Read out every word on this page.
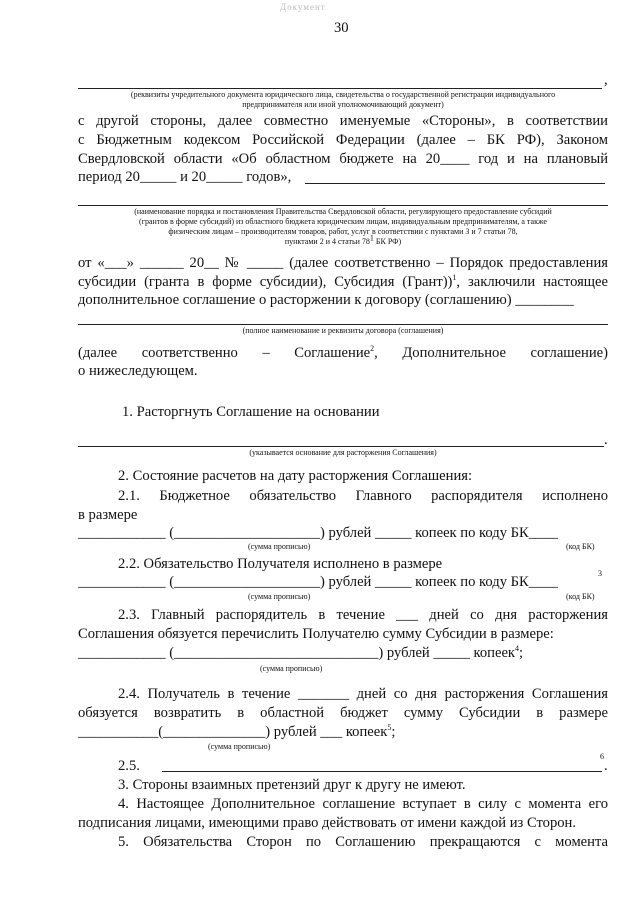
Документ
30
,
(реквизиты учредительного документа юридического лица, свидетельства о государственной регистрации индивидуального
предпринимателя или иной уполномочивающий документ)
с другой стороны, далее совместно именуемые «Стороны», в соответствии
с Бюджетным кодексом Российской Федерации (далее – БК РФ), Законом
Свердловской области «Об областном бюджете на 20____ год и на плановый
период 20_____ и 20_____ годов»,
(наименование порядка и постановления Правительства Свердловской области, регулирующего предоставление субсидий
(грантов в форме субсидий) из областного бюджета юридическим лицам, индивидуальным предпринимателям, а также
физическим лицам – производителям товаров, работ, услуг в соответствии с пунктами 3 и 7 статьи 78,
пунктами 2 и 4 статьи $78^1$ БК РФ)
от «___» ______ 20__ № _____ (далее соответственно – Порядок предоставления
субсидии (гранта в форме субсидии), Субсидия (Грант))$^1$, заключили настоящее
дополнительное соглашение о расторжении к договору (соглашению) ________
(полное наименование и реквизиты договора (соглашения)
(далее соответственно – Соглашение$^2$, Дополнительное соглашение)
о нижеследующем.
1. Расторгнуть Соглашение на основании
.
(указывается основание для расторжения Соглашения)
2. Состояние расчетов на дату расторжения Соглашения:
2.1. Бюджетное обязательство Главного распорядителя исполнено
в размере
____________ (____________________) рублей _____ копеек по коду БК____
(сумма прописью)	(код БК)
2.2. Обязательство Получателя исполнено в размере
____________ (____________________) рублей _____ копеек по коду БК____
3
(сумма прописью)	(код БК)
2.3. Главный распорядитель в течение ___ дней со дня расторжения
Соглашения обязуется перечислить Получателю сумму Субсидии в размере:
____________ (____________________________) рублей _____ копеек$^4$;
(сумма прописью)
2.4. Получатель в течение _______ дней со дня расторжения Соглашения
обязуется возвратить в областной бюджет сумму Субсидии в размере
___________(______________) рублей ___ копеек$^5$;
(сумма прописью)
2.5.
6
.
3. Стороны взаимных претензий друг к другу не имеют.
4. Настоящее Дополнительное соглашение вступает в силу с момента его
подписания лицами, имеющими право действовать от имени каждой из Сторон.
5. Обязательства Сторон по Соглашению прекращаются с момента
